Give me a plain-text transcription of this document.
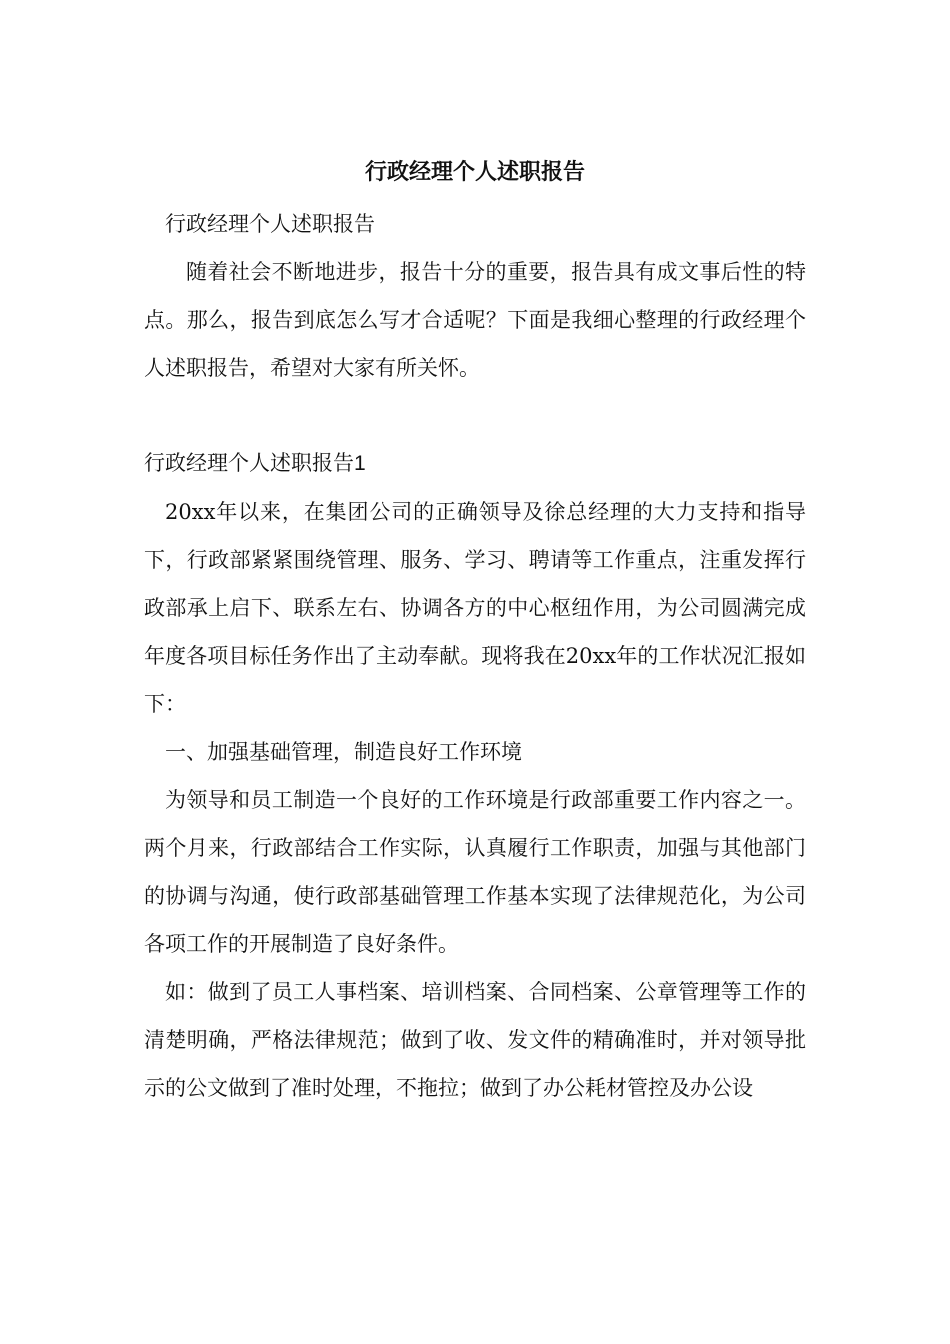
行政经理个人述职报告

行政经理个人述职报告

随着社会不断地进步，报告十分的重要，报告具有成文事后性的特点。那么，报告到底怎么写才合适呢？下面是我细心整理的行政经理个人述职报告，希望对大家有所关怀。

行政经理个人述职报告1

20xx年以来，在集团公司的正确领导及徐总经理的大力支持和指导下，行政部紧紧围绕管理、服务、学习、聘请等工作重点，注重发挥行政部承上启下、联系左右、协调各方的中心枢纽作用，为公司圆满完成年度各项目标任务作出了主动奉献。现将我在20xx年的工作状况汇报如下：

一、加强基础管理，制造良好工作环境

为领导和员工制造一个良好的工作环境是行政部重要工作内容之一。两个月来，行政部结合工作实际，认真履行工作职责，加强与其他部门的协调与沟通，使行政部基础管理工作基本实现了法律规范化，为公司各项工作的开展制造了良好条件。

如：做到了员工人事档案、培训档案、合同档案、公章管理等工作的清楚明确，严格法律规范；做到了收、发文件的精确准时，并对领导批示的公文做到了准时处理，不拖拉；做到了办公耗材管控及办公设
